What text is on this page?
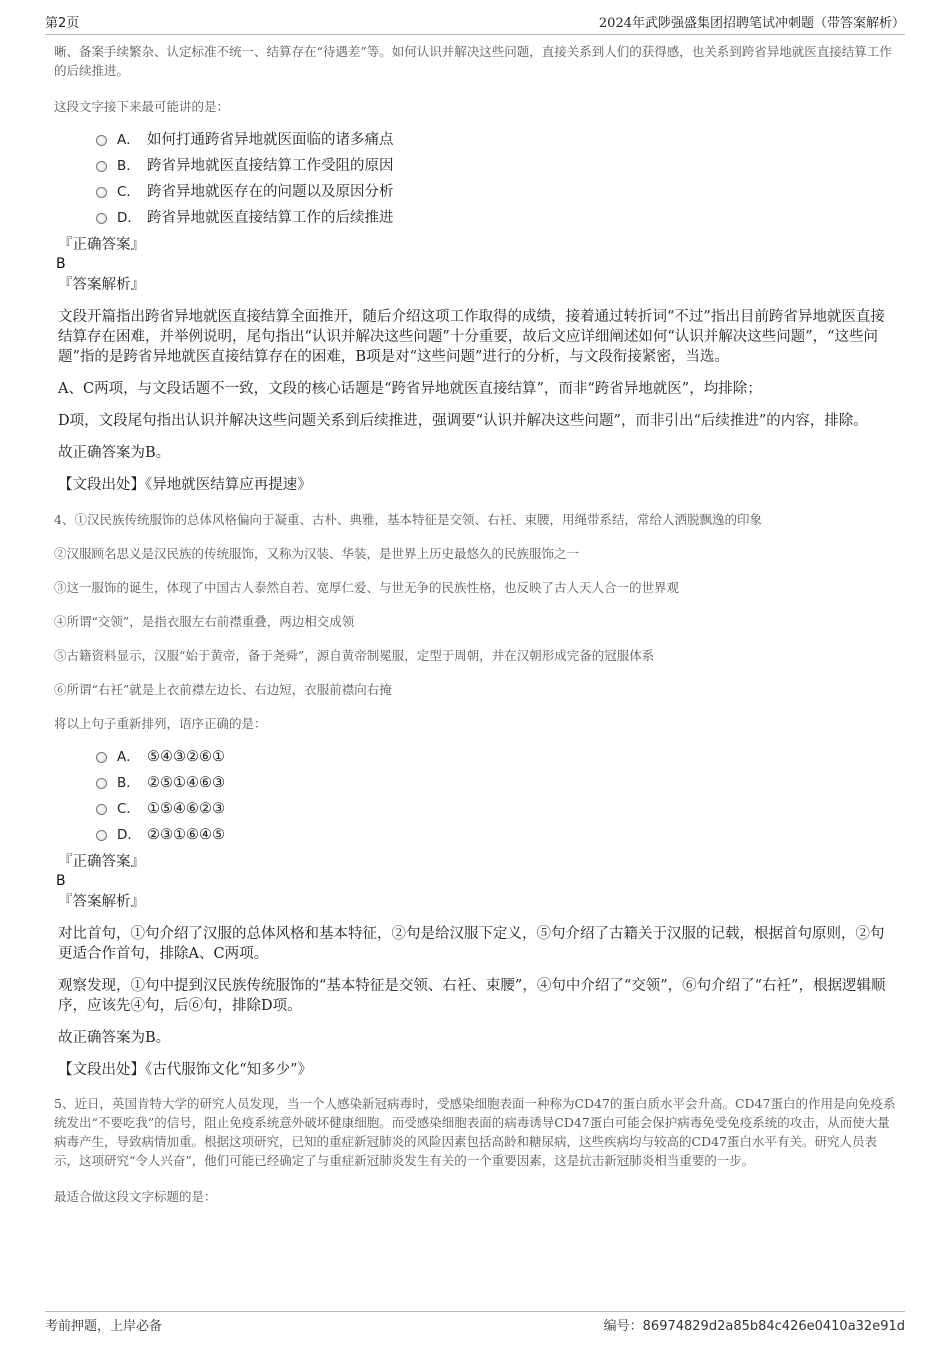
第2页	2024年武陟强盛集团招聘笔试冲刺题（带答案解析）

晰、备案手续繁杂、认定标准不统一、结算存在“待遇差”等。如何认识并解决这些问题，直接关系到人们的获得感，也关系到跨省异地就医直接结算工作的后续推进。

这段文字接下来最可能讲的是：

A． 如何打通跨省异地就医面临的诸多痛点
B． 跨省异地就医直接结算工作受阻的原因
C． 跨省异地就医存在的问题以及原因分析
D． 跨省异地就医直接结算工作的后续推进

『正确答案』

B

『答案解析』

文段开篇指出跨省异地就医直接结算全面推开，随后介绍这项工作取得的成绩，接着通过转折词“不过”指出目前跨省异地就医直接结算存在困难，并举例说明，尾句指出“认识并解决这些问题”十分重要，故后文应详细阐述如何“认识并解决这些问题”，“这些问题”指的是跨省异地就医直接结算存在的困难，B项是对“这些问题”进行的分析，与文段衔接紧密，当选。

A、C两项，与文段话题不一致，文段的核心话题是“跨省异地就医直接结算”，而非“跨省异地就医”，均排除；

D项，文段尾句指出认识并解决这些问题关系到后续推进，强调要“认识并解决这些问题”，而非引出“后续推进”的内容，排除。

故正确答案为B。

【文段出处】《异地就医结算应再提速》

4、①汉民族传统服饰的总体风格偏向于凝重、古朴、典雅，基本特征是交领、右衽、束腰，用绳带系结，常给人洒脱飘逸的印象

②汉服顾名思义是汉民族的传统服饰，又称为汉装、华装，是世界上历史最悠久的民族服饰之一

③这一服饰的诞生，体现了中国古人泰然自若、宽厚仁爱、与世无争的民族性格，也反映了古人天人合一的世界观

④所谓“交领”，是指衣服左右前襟重叠，两边相交成领

⑤古籍资料显示，汉服“始于黄帝，备于尧舜”，源自黄帝制冕服，定型于周朝，并在汉朝形成完备的冠服体系

⑥所谓“右衽”就是上衣前襟左边长、右边短，衣服前襟向右掩

将以上句子重新排列，语序正确的是：

A． ⑤④③②⑥①
B． ②⑤①④⑥③
C． ①⑤④⑥②③
D． ②③①⑥④⑤

『正确答案』

B

『答案解析』

对比首句，①句介绍了汉服的总体风格和基本特征，②句是给汉服下定义，⑤句介绍了古籍关于汉服的记载，根据首句原则，②句更适合作首句，排除A、C两项。

观察发现，①句中提到汉民族传统服饰的“基本特征是交领、右衽、束腰”，④句中介绍了“交领”，⑥句介绍了“右衽”，根据逻辑顺序，应该先④句，后⑥句，排除D项。

故正确答案为B。

【文段出处】《古代服饰文化“知多少”》

5、近日，英国肯特大学的研究人员发现，当一个人感染新冠病毒时，受感染细胞表面一种称为CD47的蛋白质水平会升高。CD47蛋白的作用是向免疫系统发出“不要吃我”的信号，阻止免疫系统意外破坏健康细胞。而受感染细胞表面的病毒诱导CD47蛋白可能会保护病毒免受免疫系统的攻击，从而使大量病毒产生，导致病情加重。根据这项研究，已知的重症新冠肺炎的风险因素包括高龄和糖尿病，这些疾病均与较高的CD47蛋白水平有关。研究人员表示，这项研究“令人兴奋”，他们可能已经确定了与重症新冠肺炎发生有关的一个重要因素，这是抗击新冠肺炎相当重要的一步。

最适合做这段文字标题的是：

考前押题，上岸必备	编号：86974829d2a85b84c426e0410a32e91d
